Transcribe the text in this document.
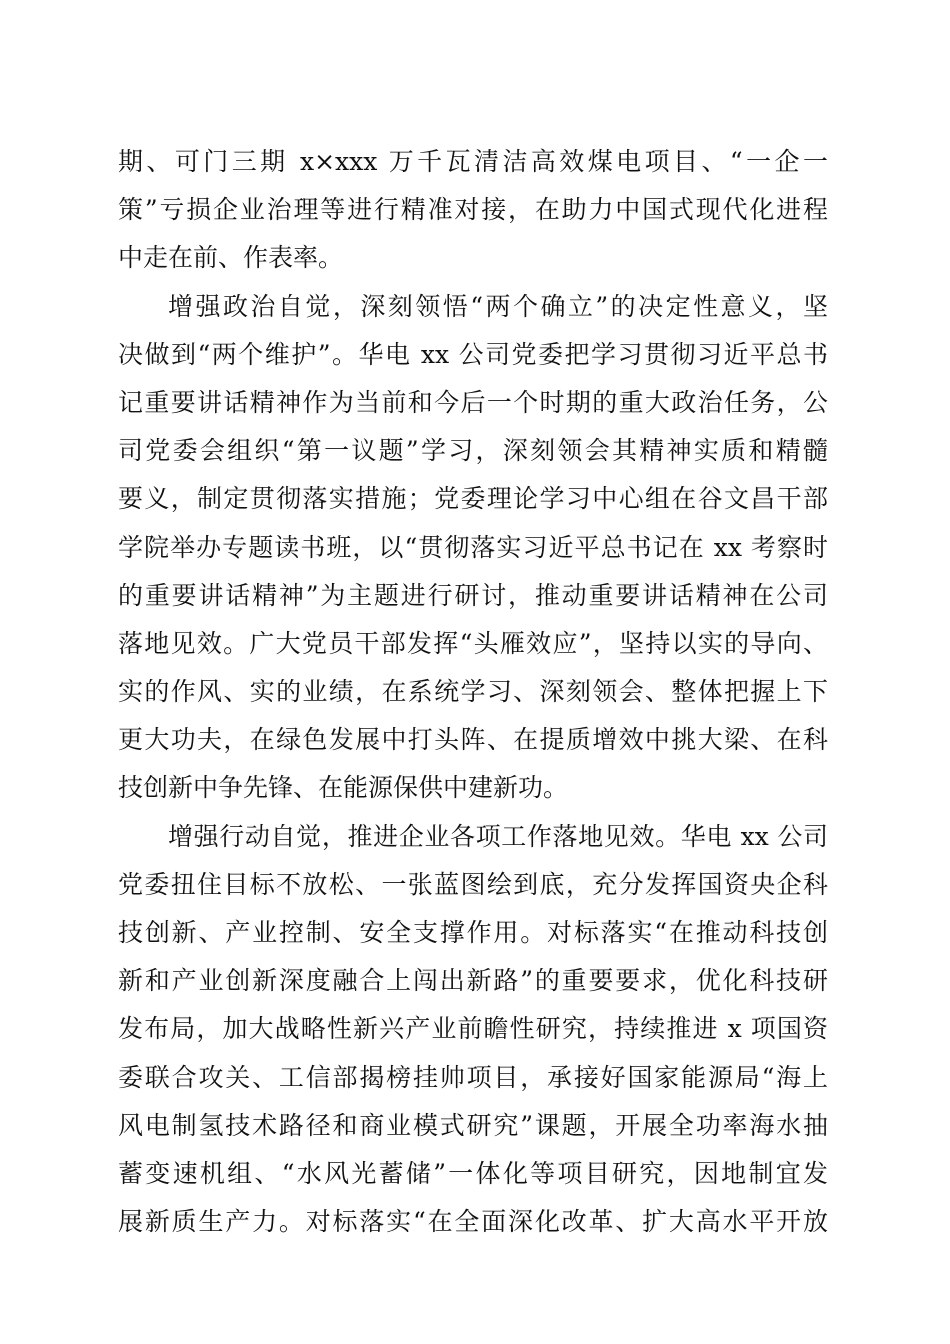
期、可门三期 x×xxx 万千瓦清洁高效煤电项目、“一企一
策”亏损企业治理等进行精准对接，在助力中国式现代化进程
中走在前、作表率。
增强政治自觉，深刻领悟“两个确立”的决定性意义，坚
决做到“两个维护”。华电 xx 公司党委把学习贯彻习近平总书
记重要讲话精神作为当前和今后一个时期的重大政治任务，公
司党委会组织“第一议题”学习，深刻领会其精神实质和精髓
要义，制定贯彻落实措施；党委理论学习中心组在谷文昌干部
学院举办专题读书班，以“贯彻落实习近平总书记在 xx 考察时
的重要讲话精神”为主题进行研讨，推动重要讲话精神在公司
落地见效。广大党员干部发挥“头雁效应”，坚持以实的导向、
实的作风、实的业绩，在系统学习、深刻领会、整体把握上下
更大功夫，在绿色发展中打头阵、在提质增效中挑大梁、在科
技创新中争先锋、在能源保供中建新功。
增强行动自觉，推进企业各项工作落地见效。华电 xx 公司
党委扭住目标不放松、一张蓝图绘到底，充分发挥国资央企科
技创新、产业控制、安全支撑作用。对标落实“在推动科技创
新和产业创新深度融合上闯出新路”的重要要求，优化科技研
发布局，加大战略性新兴产业前瞻性研究，持续推进 x 项国资
委联合攻关、工信部揭榜挂帅项目，承接好国家能源局“海上
风电制氢技术路径和商业模式研究”课题，开展全功率海水抽
蓄变速机组、“水风光蓄储”一体化等项目研究，因地制宜发
展新质生产力。对标落实“在全面深化改革、扩大高水平开放
